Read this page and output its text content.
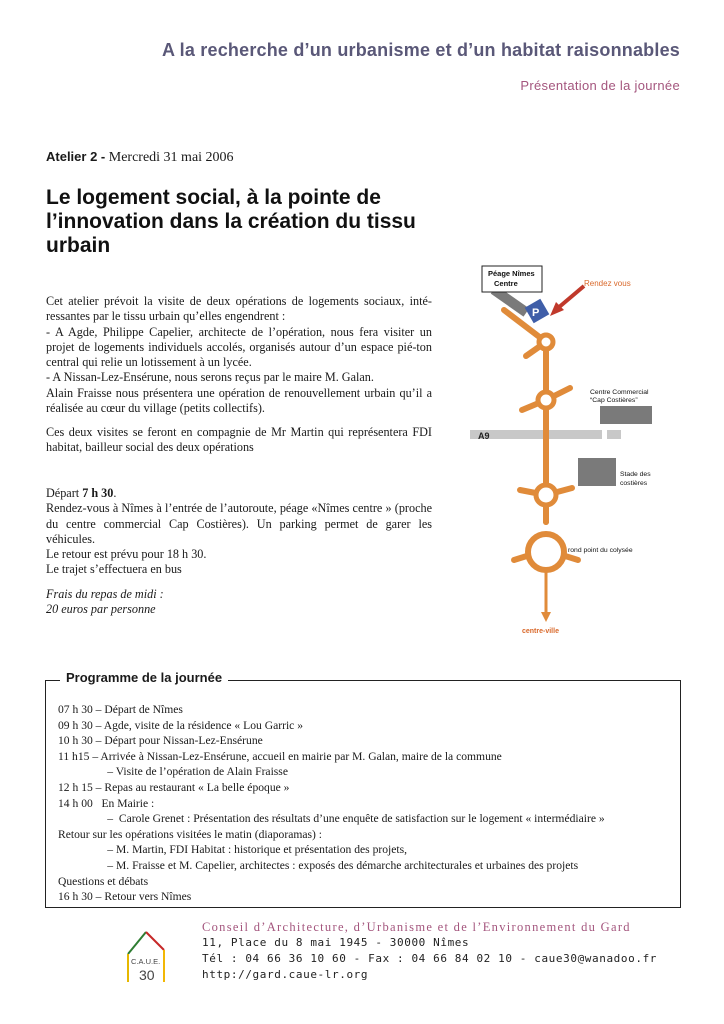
A la recherche d’un urbanisme et d’un habitat raisonnables
Présentation de la journée
Atelier 2 - Mercredi 31 mai 2006
Le logement social, à la pointe de l’innovation dans la création du tissu urbain

Cet atelier prévoit la visite de deux opérations de logements sociaux, inté-ressantes par le tissu urbain qu’elles engendrent :

- A Agde, Philippe Capelier, architecte de l’opération, nous fera visiter un projet de logements individuels accolés, organisés autour d’un espace pié-ton central qui relie un lotissement à un lycée.

- A Nissan-Lez-Ensérune, nous serons reçus par le maire M. Galan.

Alain Fraisse nous présentera une opération de renouvellement urbain qu’il a réalisée au cœur du village (petits collectifs).

Ces deux visites se feront en compagnie de Mr Martin qui représentera FDI habitat, bailleur social des deux opérations

Départ 7 h 30.

Rendez-vous à Nîmes à l’entrée de l’autoroute, péage «Nîmes centre » (proche du centre commercial Cap Costières). Un parking permet de garer les véhicules.

Le retour est prévu pour 18 h 30.

Le trajet s’effectuera en bus

Frais du repas de midi :

20 euros par personne

A9
Péage Nîmes
Centre
P
Rendez vous
Centre Commercial
“Cap Costières”
Stade des
costières
rond point du colysée
centre-ville
Programme de la journée
07 h 30 – Départ de Nîmes
09 h 30 – Agde, visite de la résidence « Lou Garric »
10 h 30 – Départ pour Nissan-Lez-Ensérune
11 h15 – Arrivée à Nissan-Lez-Ensérune, accueil en mairie par M. Galan, maire de la commune
– Visite de l’opération de Alain Fraisse
12 h 15 – Repas au restaurant « La belle époque »
14 h 00   En Mairie :
–  Carole Grenet : Présentation des résultats d’une enquête de satisfaction sur le logement « intermédiaire »
Retour sur les opérations visitées le matin (diaporamas) :
– M. Martin, FDI Habitat : historique et présentation des projets,
– M. Fraisse et M. Capelier, architectes : exposés des démarche architecturales et urbaines des projets
Questions et débats
16 h 30 – Retour vers Nîmes
C.A.U.E.
30
Conseil d’Architecture, d’Urbanisme et de l’Environnement du Gard
11, Place du 8 mai 1945 - 30000 Nîmes
Tél : 04 66 36 10 60 - Fax : 04 66 84 02 10 - caue30@wanadoo.fr
http://gard.caue-lr.org
